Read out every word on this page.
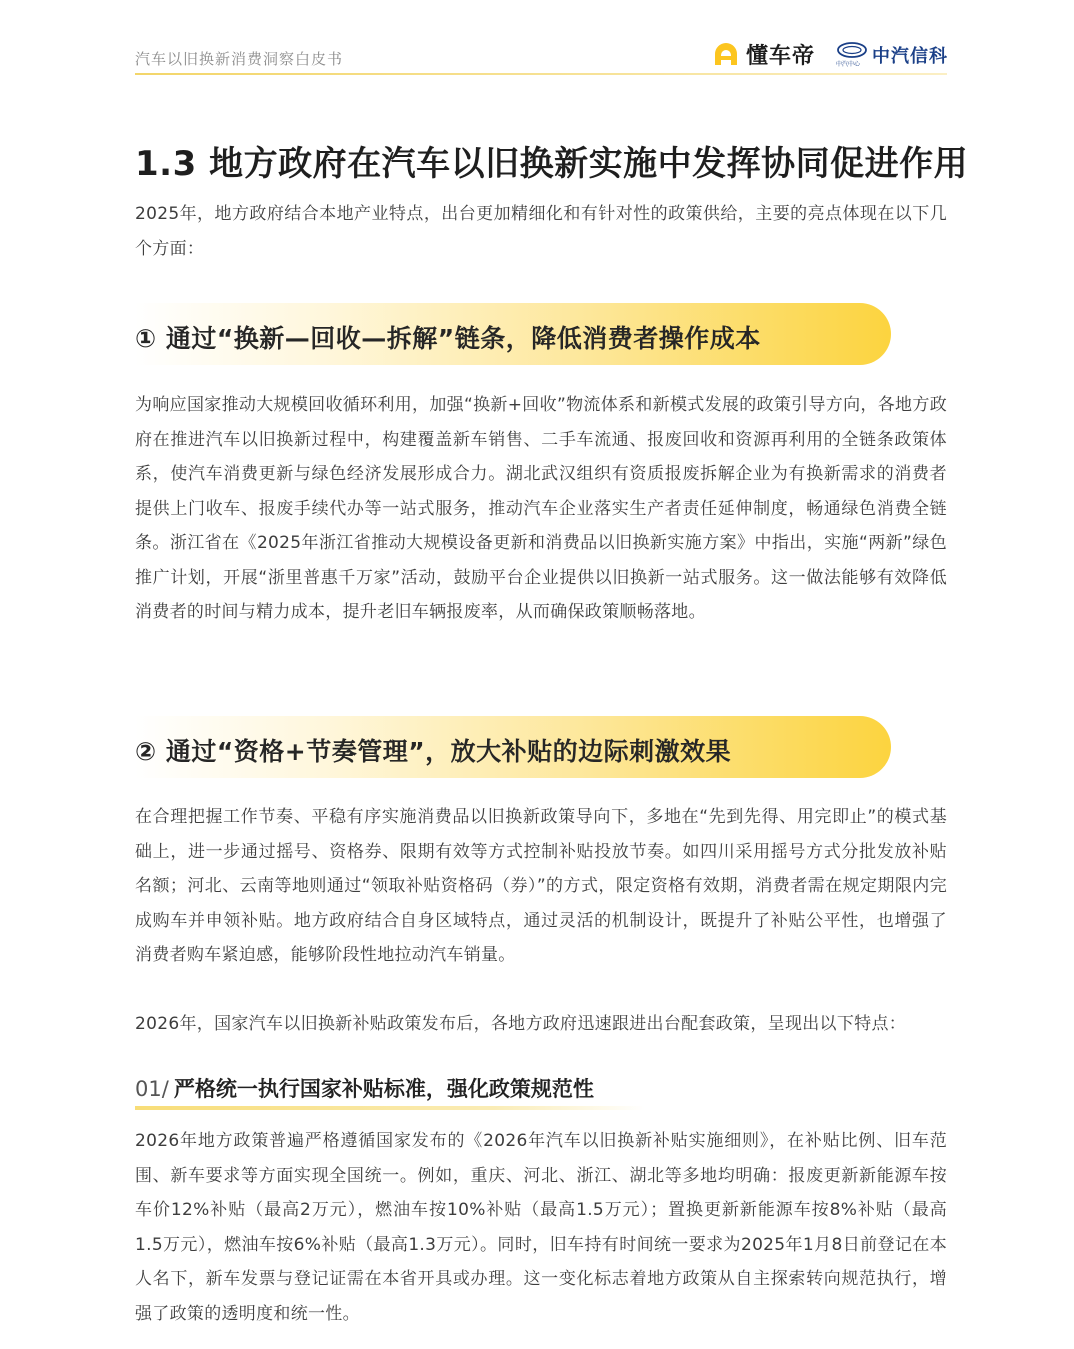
汽车以旧换新消费洞察白皮书	懂车帝	中汽中心 中汽信科
1.3 地方政府在汽车以旧换新实施中发挥协同促进作用
2025年，地方政府结合本地产业特点，出台更加精细化和有针对性的政策供给，主要的亮点体现在以下几个方面：
① 通过“换新—回收—拆解”链条，降低消费者操作成本
为响应国家推动大规模回收循环利用，加强“换新+回收”物流体系和新模式发展的政策引导方向，各地方政府在推进汽车以旧换新过程中，构建覆盖新车销售、二手车流通、报废回收和资源再利用的全链条政策体系，使汽车消费更新与绿色经济发展形成合力。湖北武汉组织有资质报废拆解企业为有换新需求的消费者提供上门收车、报废手续代办等一站式服务，推动汽车企业落实生产者责任延伸制度，畅通绿色消费全链条。浙江省在《2025年浙江省推动大规模设备更新和消费品以旧换新实施方案》中指出，实施“两新”绿色推广计划，开展“浙里普惠千万家”活动，鼓励平台企业提供以旧换新一站式服务。这一做法能够有效降低消费者的时间与精力成本，提升老旧车辆报废率，从而确保政策顺畅落地。
② 通过“资格+节奏管理”，放大补贴的边际刺激效果
在合理把握工作节奏、平稳有序实施消费品以旧换新政策导向下，多地在“先到先得、用完即止”的模式基础上，进一步通过摇号、资格券、限期有效等方式控制补贴投放节奏。如四川采用摇号方式分批发放补贴名额；河北、云南等地则通过“领取补贴资格码（券）”的方式，限定资格有效期，消费者需在规定期限内完成购车并申领补贴。地方政府结合自身区域特点，通过灵活的机制设计，既提升了补贴公平性，也增强了消费者购车紧迫感，能够阶段性地拉动汽车销量。
2026年，国家汽车以旧换新补贴政策发布后，各地方政府迅速跟进出台配套政策，呈现出以下特点：
01/ 严格统一执行国家补贴标准，强化政策规范性
2026年地方政策普遍严格遵循国家发布的《2026年汽车以旧换新补贴实施细则》，在补贴比例、旧车范围、新车要求等方面实现全国统一。例如，重庆、河北、浙江、湖北等多地均明确：报废更新新能源车按车价12%补贴（最高2万元），燃油车按10%补贴（最高1.5万元）；置换更新新能源车按8%补贴（最高1.5万元），燃油车按6%补贴（最高1.3万元）。同时，旧车持有时间统一要求为2025年1月8日前登记在本人名下，新车发票与登记证需在本省开具或办理。这一变化标志着地方政策从自主探索转向规范执行，增强了政策的透明度和统一性。
